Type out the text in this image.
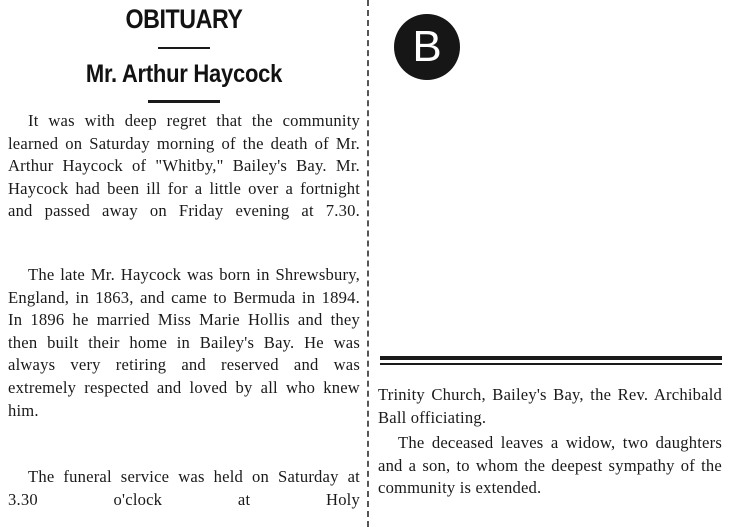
OBITUARY
Mr. Arthur Haycock

It was with deep regret that the community learned on Saturday morning of the death of Mr. Arthur Haycock of "Whitby," Bailey's Bay. Mr. Haycock had been ill for a little over a fortnight and passed away on Friday evening at 7.30.

The late Mr. Haycock was born in Shrewsbury, England, in 1863, and came to Bermuda in 1894. In 1896 he married Miss Marie Hollis and they then built their home in Bailey's Bay. He was always very retiring and reserved and was extremely respected and loved by all who knew him.

The funeral service was held on Saturday at 3.30 o'clock at Holy

B

Trinity Church, Bailey's Bay, the Rev. Archibald Ball officiating.

The deceased leaves a widow, two daughters and a son, to whom the deepest sympathy of the community is extended.
